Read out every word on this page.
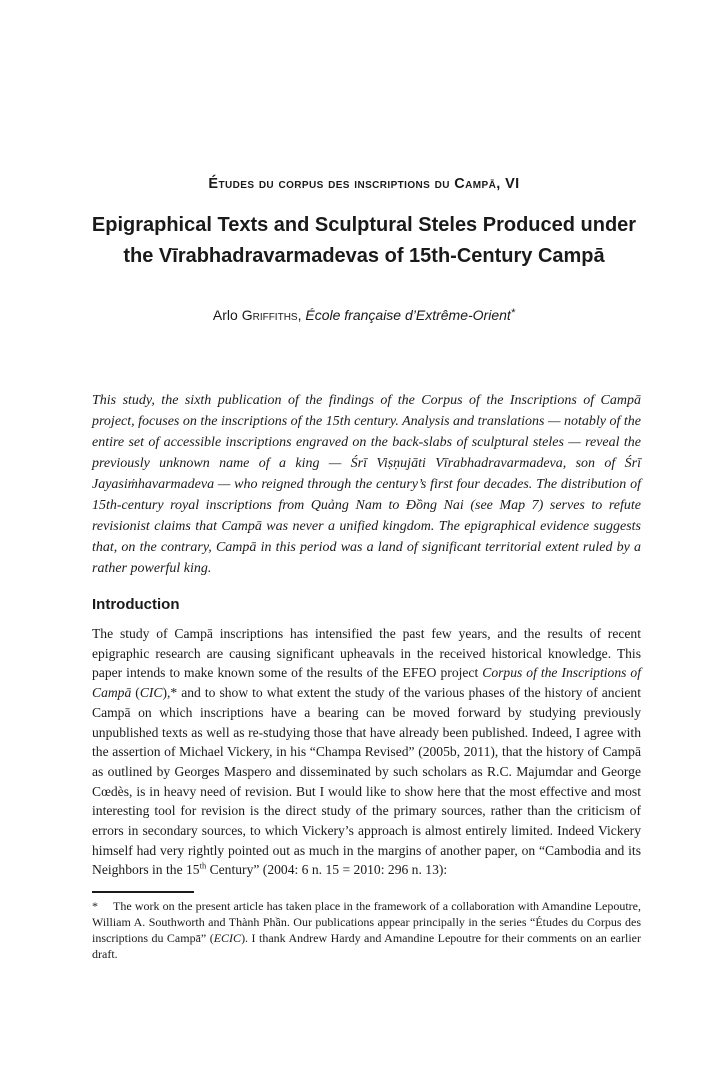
Études du corpus des inscriptions du Campā, VI
Epigraphical Texts and Sculptural Steles Produced under
the Vīrabhadravarmadevas of 15th-Century Campā
Arlo Griffiths, École française d’Extrême-Orient*

This study, the sixth publication of the findings of the Corpus of the Inscriptions of Campā project, focuses on the inscriptions of the 15th century. Analysis and translations — notably of the entire set of accessible inscriptions engraved on the back-slabs of sculptural steles — reveal the previously unknown name of a king — Śrī Viṣṇujāti Vīrabhadravarmadeva, son of Śrī Jayasiṁhavarmadeva — who reigned through the century’s first four decades. The distribution of 15th-century royal inscriptions from Quảng Nam to Đồng Nai (see Map 7) serves to refute revisionist claims that Campā was never a unified kingdom. The epigraphical evidence suggests that, on the contrary, Campā in this period was a land of significant territorial extent ruled by a rather powerful king.

Introduction

The study of Campā inscriptions has intensified the past few years, and the results of recent epigraphic research are causing significant upheavals in the received historical knowledge. This paper intends to make known some of the results of the EFEO project Corpus of the Inscriptions of Campā (CIC),* and to show to what extent the study of the various phases of the history of ancient Campā on which inscriptions have a bearing can be moved forward by studying previously unpublished texts as well as re-studying those that have already been published. Indeed, I agree with the assertion of Michael Vickery, in his “Champa Revised” (2005b, 2011), that the history of Campā as outlined by Georges Maspero and disseminated by such scholars as R.C. Majumdar and George Cœdès, is in heavy need of revision. But I would like to show here that the most effective and most interesting tool for revision is the direct study of the primary sources, rather than the criticism of errors in secondary sources, to which Vickery’s approach is almost entirely limited. Indeed Vickery himself had very rightly pointed out as much in the margins of another paper, on “Cambodia and its Neighbors in the 15th Century” (2004: 6 n. 15 = 2010: 296 n. 13):

* The work on the present article has taken place in the framework of a collaboration with Amandine Lepoutre, William A. Southworth and Thành Phần. Our publications appear principally in the series “Études du Corpus des inscriptions du Campā” (ECIC). I thank Andrew Hardy and Amandine Lepoutre for their comments on an earlier draft.
